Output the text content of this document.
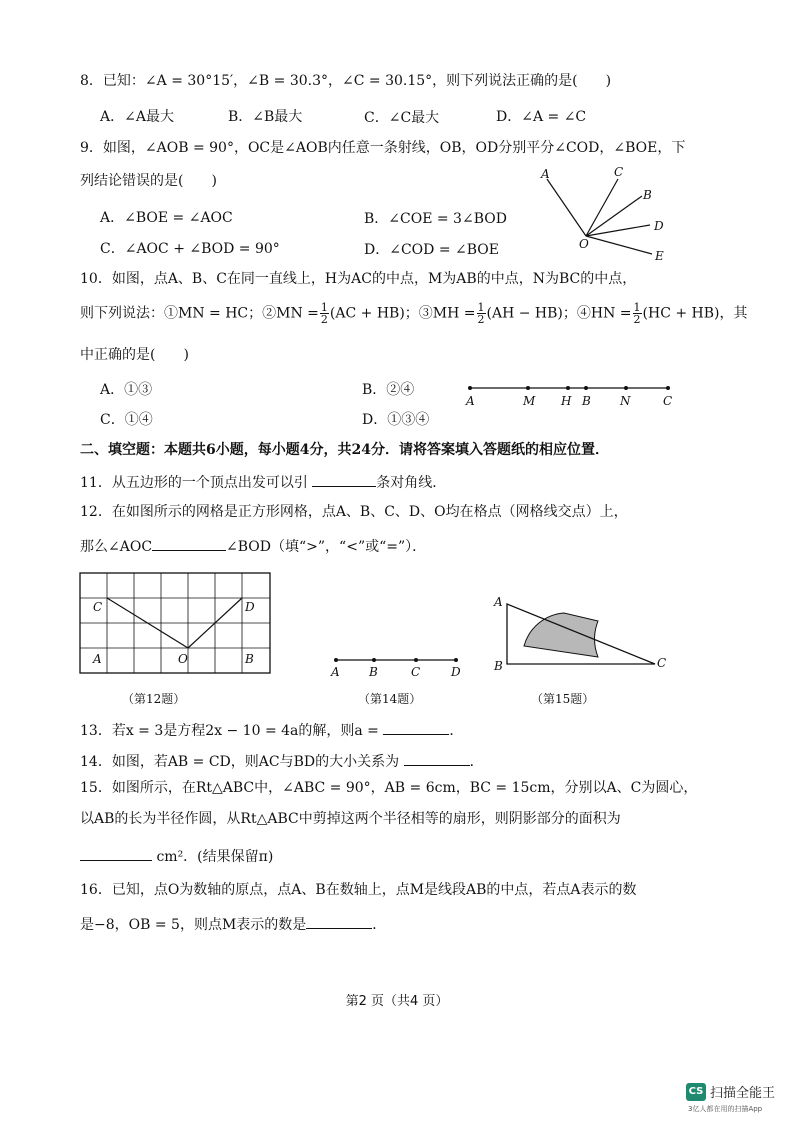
8．已知：∠A = 30°15′，∠B = 30.3°，∠C = 30.15°，则下列说法正确的是(　　)
A．∠A最大	B．∠B最大	C．∠C最大	D．∠A = ∠C
9．如图，∠AOB = 90°，OC是∠AOB内任意一条射线，OB，OD分别平分∠COD，∠BOE，下
列结论错误的是(　　)
A．∠BOE = ∠AOC	B．∠COE = 3∠BOD
C．∠AOC + ∠BOD = 90°	D．∠COD = ∠BOE
A	C
B
D
O
E
10．如图，点A、B、C在同一直线上，H为AC的中点，M为AB的中点，N为BC的中点，
则下列说法：①MN = HC；②MN = $\frac{1}{2} (AC + HB)$；③MH = $\frac{1}{2} (AH - HB)$；④HN = $\frac{1}{2} (HC + HB)$，其
中正确的是(　　)
A．①③	B．②④
C．①④	D．①③④
A	M H B N	C
二、填空题：本题共6小题，每小题4分，共24分．请将答案填入答题纸的相应位置．
11．从五边形的一个顶点出发可以引	条对角线．
12．在如图所示的网格是正方形网格，点A、B、C、D、O均在格点（网格线交点）上，
那么∠AOC	∠BOD（填“>”，“<”或“=”）．
C	D
A	O	B
（第12题）
A B	C	D
（第14题）
A
B	C
（第15题）
13．若x = 3是方程2x − 10 = 4a的解，则a =	．
14．如图，若AB = CD，则AC与BD的大小关系为	．
15．如图所示，在Rt△ABC中，∠ABC = 90°，AB = 6cm，BC = 15cm，分别以A、C为圆心，
以AB的长为半径作圆，从Rt△ABC中剪掉这两个半径相等的扇形，则阴影部分的面积为
cm²．(结果保留π)
16．已知，点O为数轴的原点，点A、B在数轴上，点M是线段AB的中点，若点A表示的数
是−8，OB = 5，则点M表示的数是	．
第2 页（共4 页）
CS 扫描全能王
3亿人都在用的扫描App
